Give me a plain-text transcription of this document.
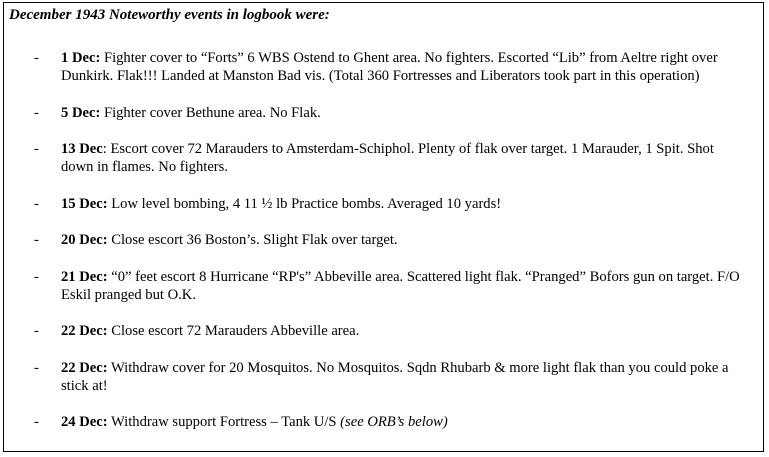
December 1943 Noteworthy events in logbook were:
- 1 Dec: Fighter cover to “Forts” 6 WBS Ostend to Ghent area. No fighters. Escorted “Lib” from Aeltre right over Dunkirk. Flak!!! Landed at Manston Bad vis. (Total 360 Fortresses and Liberators took part in this operation)
- 5 Dec: Fighter cover Bethune area. No Flak.
- 13 Dec: Escort cover 72 Marauders to Amsterdam-Schiphol. Plenty of flak over target. 1 Marauder, 1 Spit. Shot down in flames. No fighters.
- 15 Dec: Low level bombing, 4 11 ½ lb Practice bombs. Averaged 10 yards!
- 20 Dec: Close escort 36 Boston’s. Slight Flak over target.
- 21 Dec: “0” feet escort 8 Hurricane “RP's” Abbeville area. Scattered light flak. “Pranged” Bofors gun on target. F/O Eskil pranged but O.K.
- 22 Dec: Close escort 72 Marauders Abbeville area.
- 22 Dec: Withdraw cover for 20 Mosquitos. No Mosquitos. Sqdn Rhubarb & more light flak than you could poke a stick at!
- 24 Dec: Withdraw support Fortress – Tank U/S (see ORB’s below)
